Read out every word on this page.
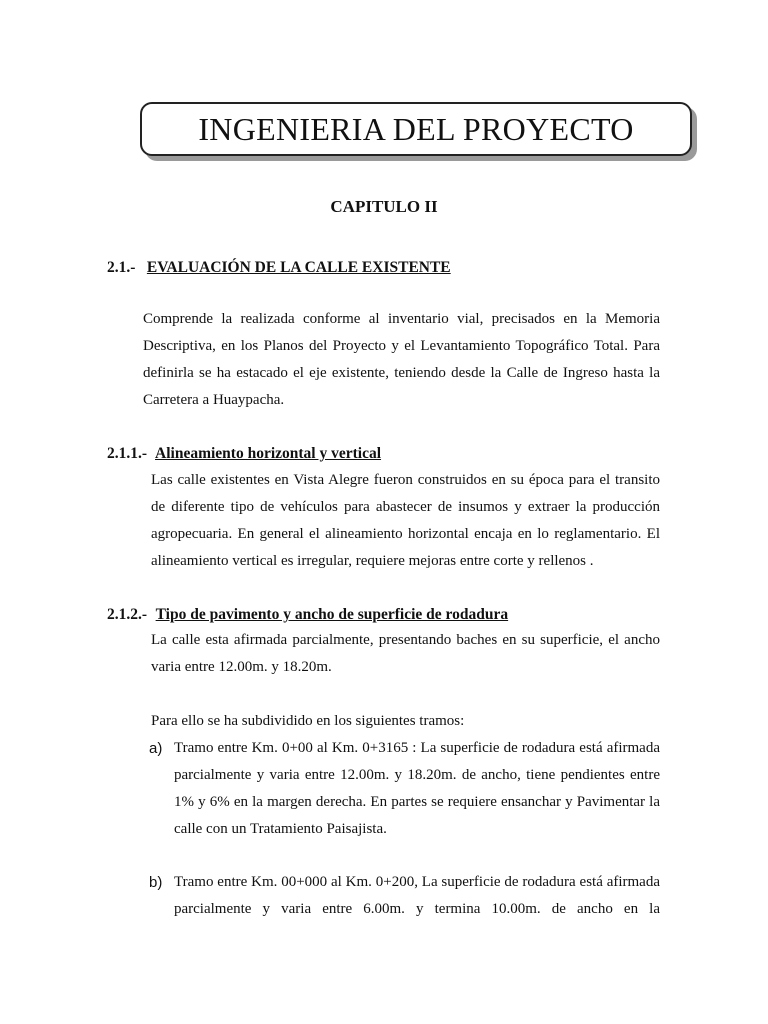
INGENIERIA DEL PROYECTO
CAPITULO II
2.1.- EVALUACIÓN DE LA CALLE EXISTENTE

Comprende la realizada conforme al inventario vial, precisados en la Memoria Descriptiva, en los Planos del Proyecto y el Levantamiento Topográfico Total. Para definirla se ha estacado el eje existente, teniendo desde la Calle de Ingreso hasta la Carretera a Huaypacha.

2.1.1.- Alineamiento horizontal y vertical

Las calle existentes en Vista Alegre fueron construidos en su época para el transito de diferente tipo de vehículos para abastecer de insumos y extraer la producción agropecuaria. En general el alineamiento horizontal encaja en lo reglamentario. El alineamiento vertical es irregular, requiere mejoras entre corte y rellenos .

2.1.2.- Tipo de pavimento y ancho de superficie de rodadura

La calle esta afirmada parcialmente, presentando baches en su superficie, el ancho varia entre 12.00m. y 18.20m.

Para ello se ha subdividido en los siguientes tramos:

a) Tramo entre Km. 0+00 al Km. 0+3165 : La superficie de rodadura está afirmada parcialmente y varia entre 12.00m. y 18.20m. de ancho, tiene pendientes entre 1% y 6% en la margen derecha. En partes se requiere ensanchar y Pavimentar la calle con un Tratamiento Paisajista.
b) Tramo entre Km. 00+000 al Km. 0+200, La superficie de rodadura está afirmada parcialmente y varia entre 6.00m. y termina 10.00m. de ancho en la
